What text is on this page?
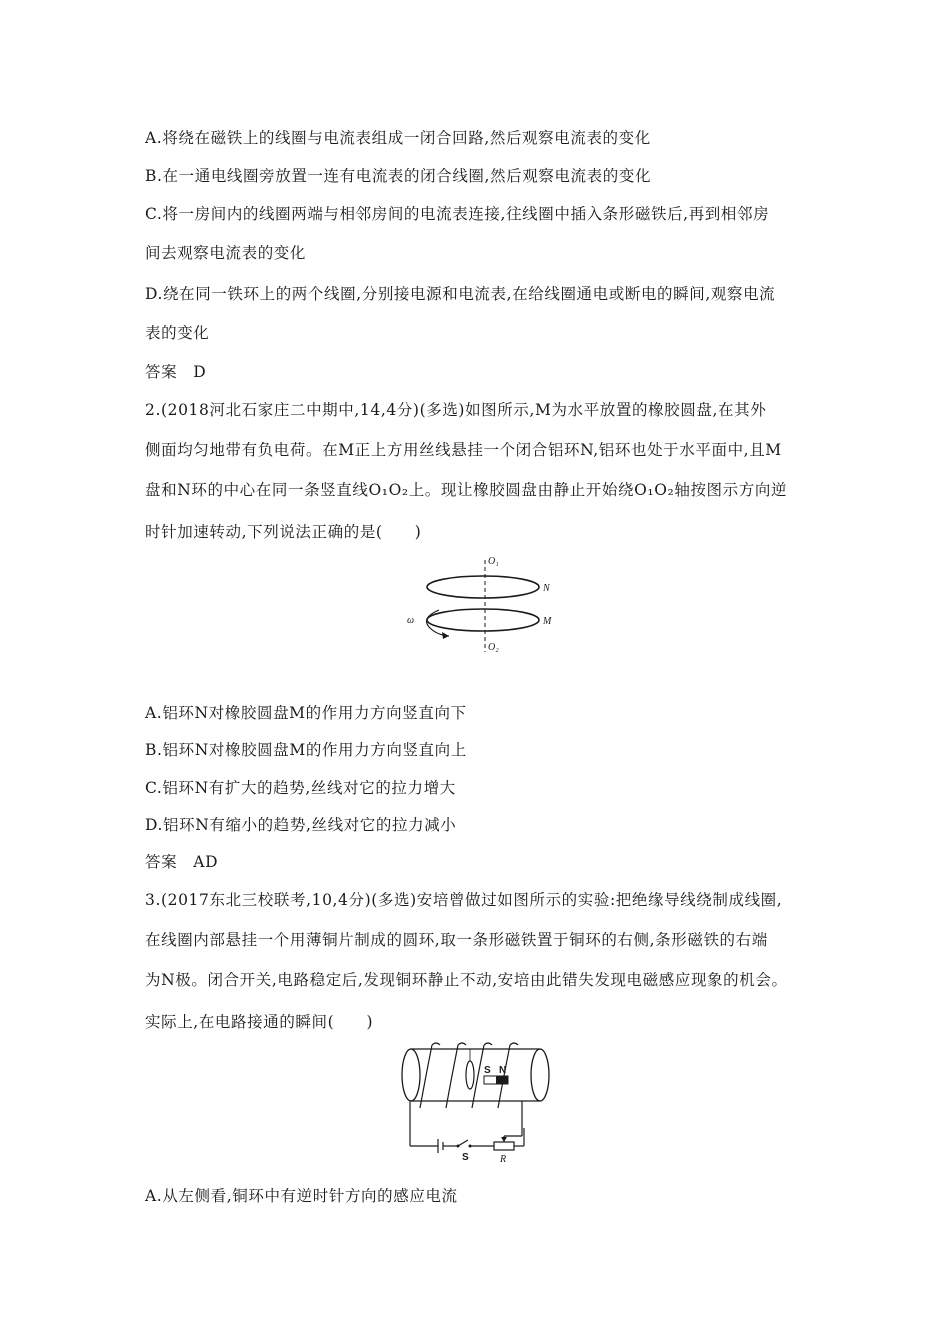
A.将绕在磁铁上的线圈与电流表组成一闭合回路,然后观察电流表的变化
B.在一通电线圈旁放置一连有电流表的闭合线圈,然后观察电流表的变化
C.将一房间内的线圈两端与相邻房间的电流表连接,往线圈中插入条形磁铁后,再到相邻房
间去观察电流表的变化
D.绕在同一铁环上的两个线圈,分别接电源和电流表,在给线圈通电或断电的瞬间,观察电流
表的变化
答案　D
2.(2018河北石家庄二中期中,14,4分)(多选)如图所示,M为水平放置的橡胶圆盘,在其外
侧面均匀地带有负电荷。在M正上方用丝线悬挂一个闭合铝环N,铝环也处于水平面中,且M
盘和N环的中心在同一条竖直线O₁O₂上。现让橡胶圆盘由静止开始绕O₁O₂轴按图示方向逆
时针加速转动,下列说法正确的是(　　)
O₁
O₂
N
M
ω
A.铝环N对橡胶圆盘M的作用力方向竖直向下
B.铝环N对橡胶圆盘M的作用力方向竖直向上
C.铝环N有扩大的趋势,丝线对它的拉力增大
D.铝环N有缩小的趋势,丝线对它的拉力减小
答案　AD
3.(2017东北三校联考,10,4分)(多选)安培曾做过如图所示的实验:把绝缘导线绕制成线圈,
在线圈内部悬挂一个用薄铜片制成的圆环,取一条形磁铁置于铜环的右侧,条形磁铁的右端
为N极。闭合开关,电路稳定后,发现铜环静止不动,安培由此错失发现电磁感应现象的机会。
实际上,在电路接通的瞬间(　　)
S N
S	R
A.从左侧看,铜环中有逆时针方向的感应电流
